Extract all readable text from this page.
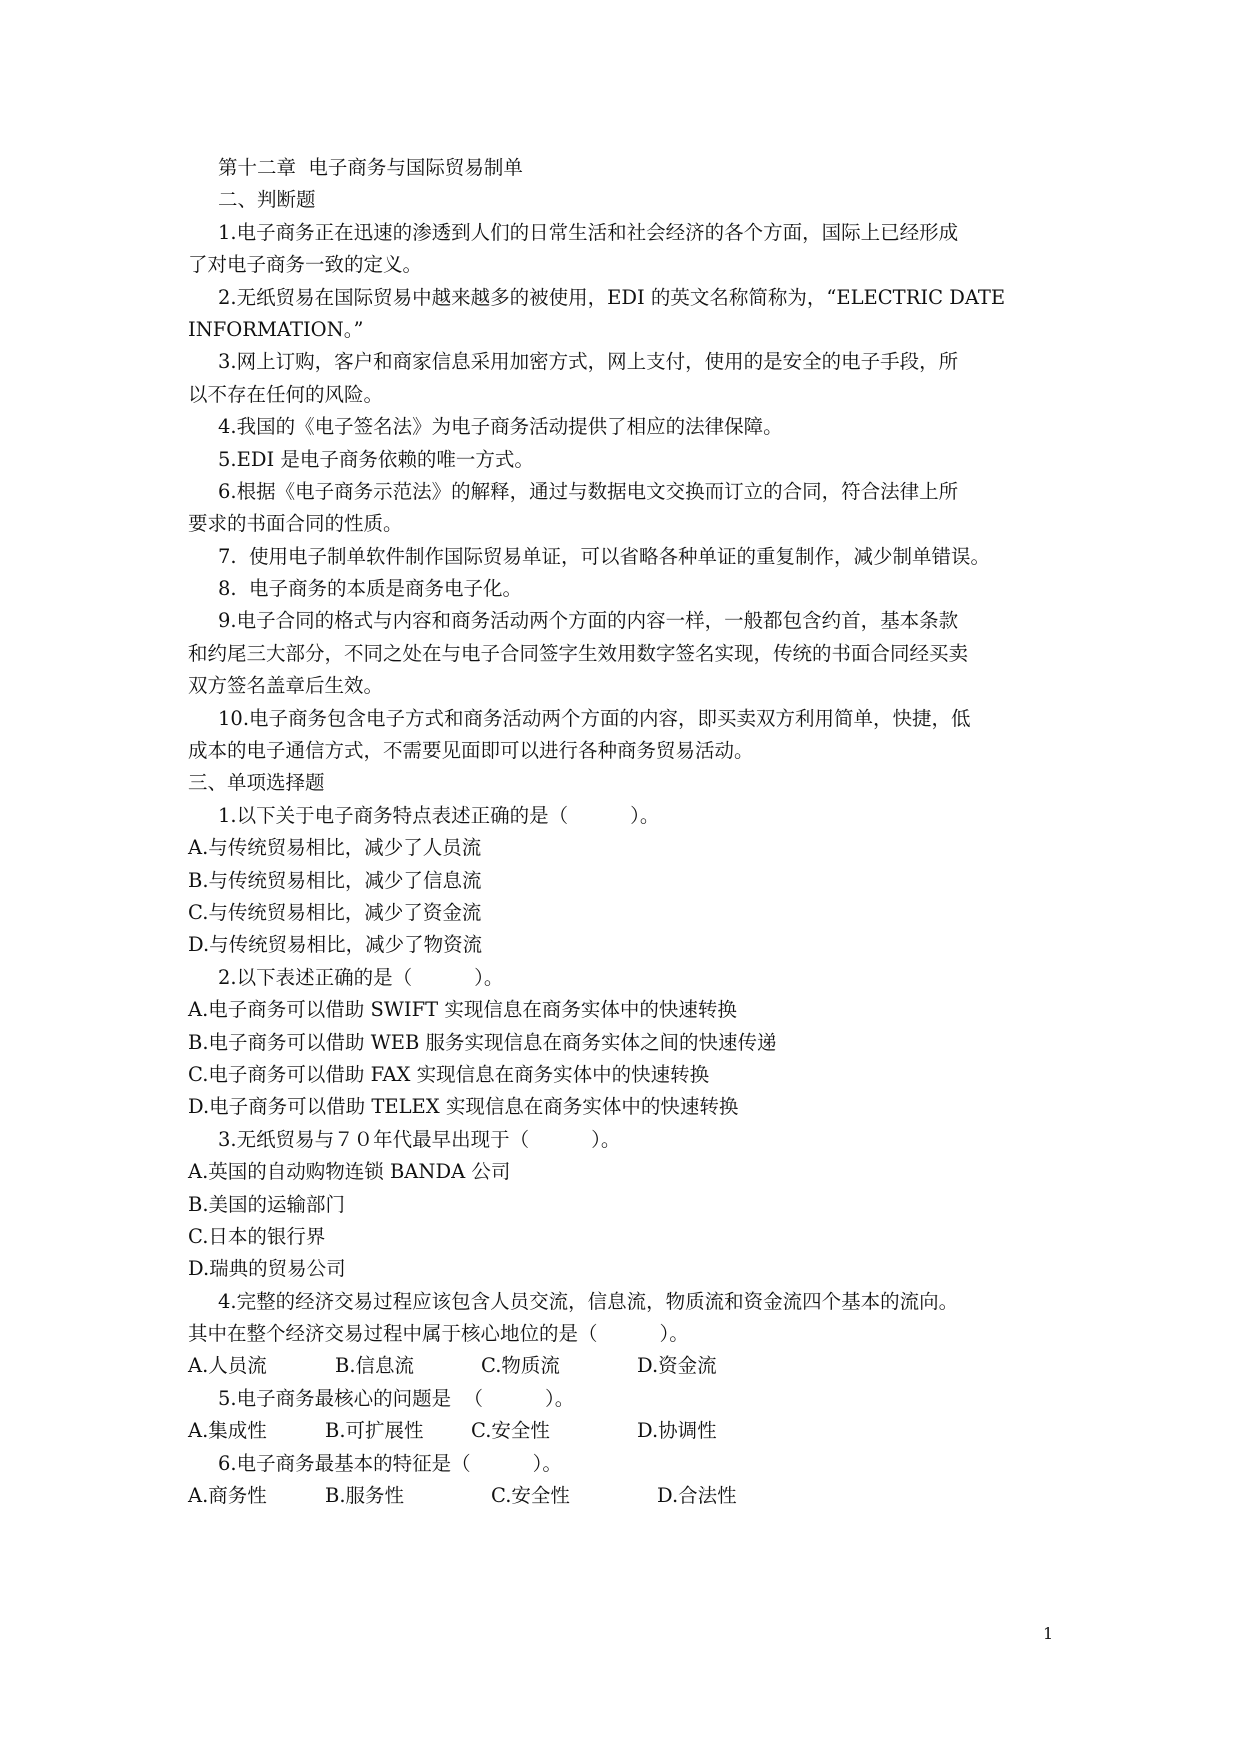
第十二章  电子商务与国际贸易制单
二、判断题
1.电子商务正在迅速的渗透到人们的日常生活和社会经济的各个方面，国际上已经形成
了对电子商务一致的定义。
2.无纸贸易在国际贸易中越来越多的被使用，EDI 的英文名称简称为，“ELECTRIC DATE
INFORMATION。”
3.网上订购，客户和商家信息采用加密方式，网上支付，使用的是安全的电子手段，所
以不存在任何的风险。
4.我国的《电子签名法》为电子商务活动提供了相应的法律保障。
5.EDI 是电子商务依赖的唯一方式。
6.根据《电子商务示范法》的解释，通过与数据电文交换而订立的合同，符合法律上所
要求的书面合同的性质。
7.  使用电子制单软件制作国际贸易单证，可以省略各种单证的重复制作，减少制单错误。
8.  电子商务的本质是商务电子化。
9.电子合同的格式与内容和商务活动两个方面的内容一样，一般都包含约首，基本条款
和约尾三大部分，不同之处在与电子合同签字生效用数字签名实现，传统的书面合同经买卖
双方签名盖章后生效。
10.电子商务包含电子方式和商务活动两个方面的内容，即买卖双方利用简单，快捷，低
成本的电子通信方式，不需要见面即可以进行各种商务贸易活动。
三、单项选择题
1.以下关于电子商务特点表述正确的是（          ）。
A.与传统贸易相比，减少了人员流
B.与传统贸易相比，减少了信息流
C.与传统贸易相比，减少了资金流
D.与传统贸易相比，减少了物资流
2.以下表述正确的是（          ）。
A.电子商务可以借助 SWIFT 实现信息在商务实体中的快速转换
B.电子商务可以借助 WEB 服务实现信息在商务实体之间的快速传递
C.电子商务可以借助 FAX 实现信息在商务实体中的快速转换
D.电子商务可以借助 TELEX 实现信息在商务实体中的快速转换
3.无纸贸易与７０年代最早出现于（          ）。
A.英国的自动购物连锁 BANDA 公司
B.美国的运输部门
C.日本的银行界
D.瑞典的贸易公司
4.完整的经济交易过程应该包含人员交流，信息流，物质流和资金流四个基本的流向。
其中在整个经济交易过程中属于核心地位的是（          ）。

A.人员流

	B.信息流

	C.物质流

	D.资金流

5.电子商务最核心的问题是  （          ）。

A.集成性

	B.可扩展性

C.安全性

	D.协调性

6.电子商务最基本的特征是（          ）。

A.商务性

	B.服务性

	C.安全性

	D.合法性

1
